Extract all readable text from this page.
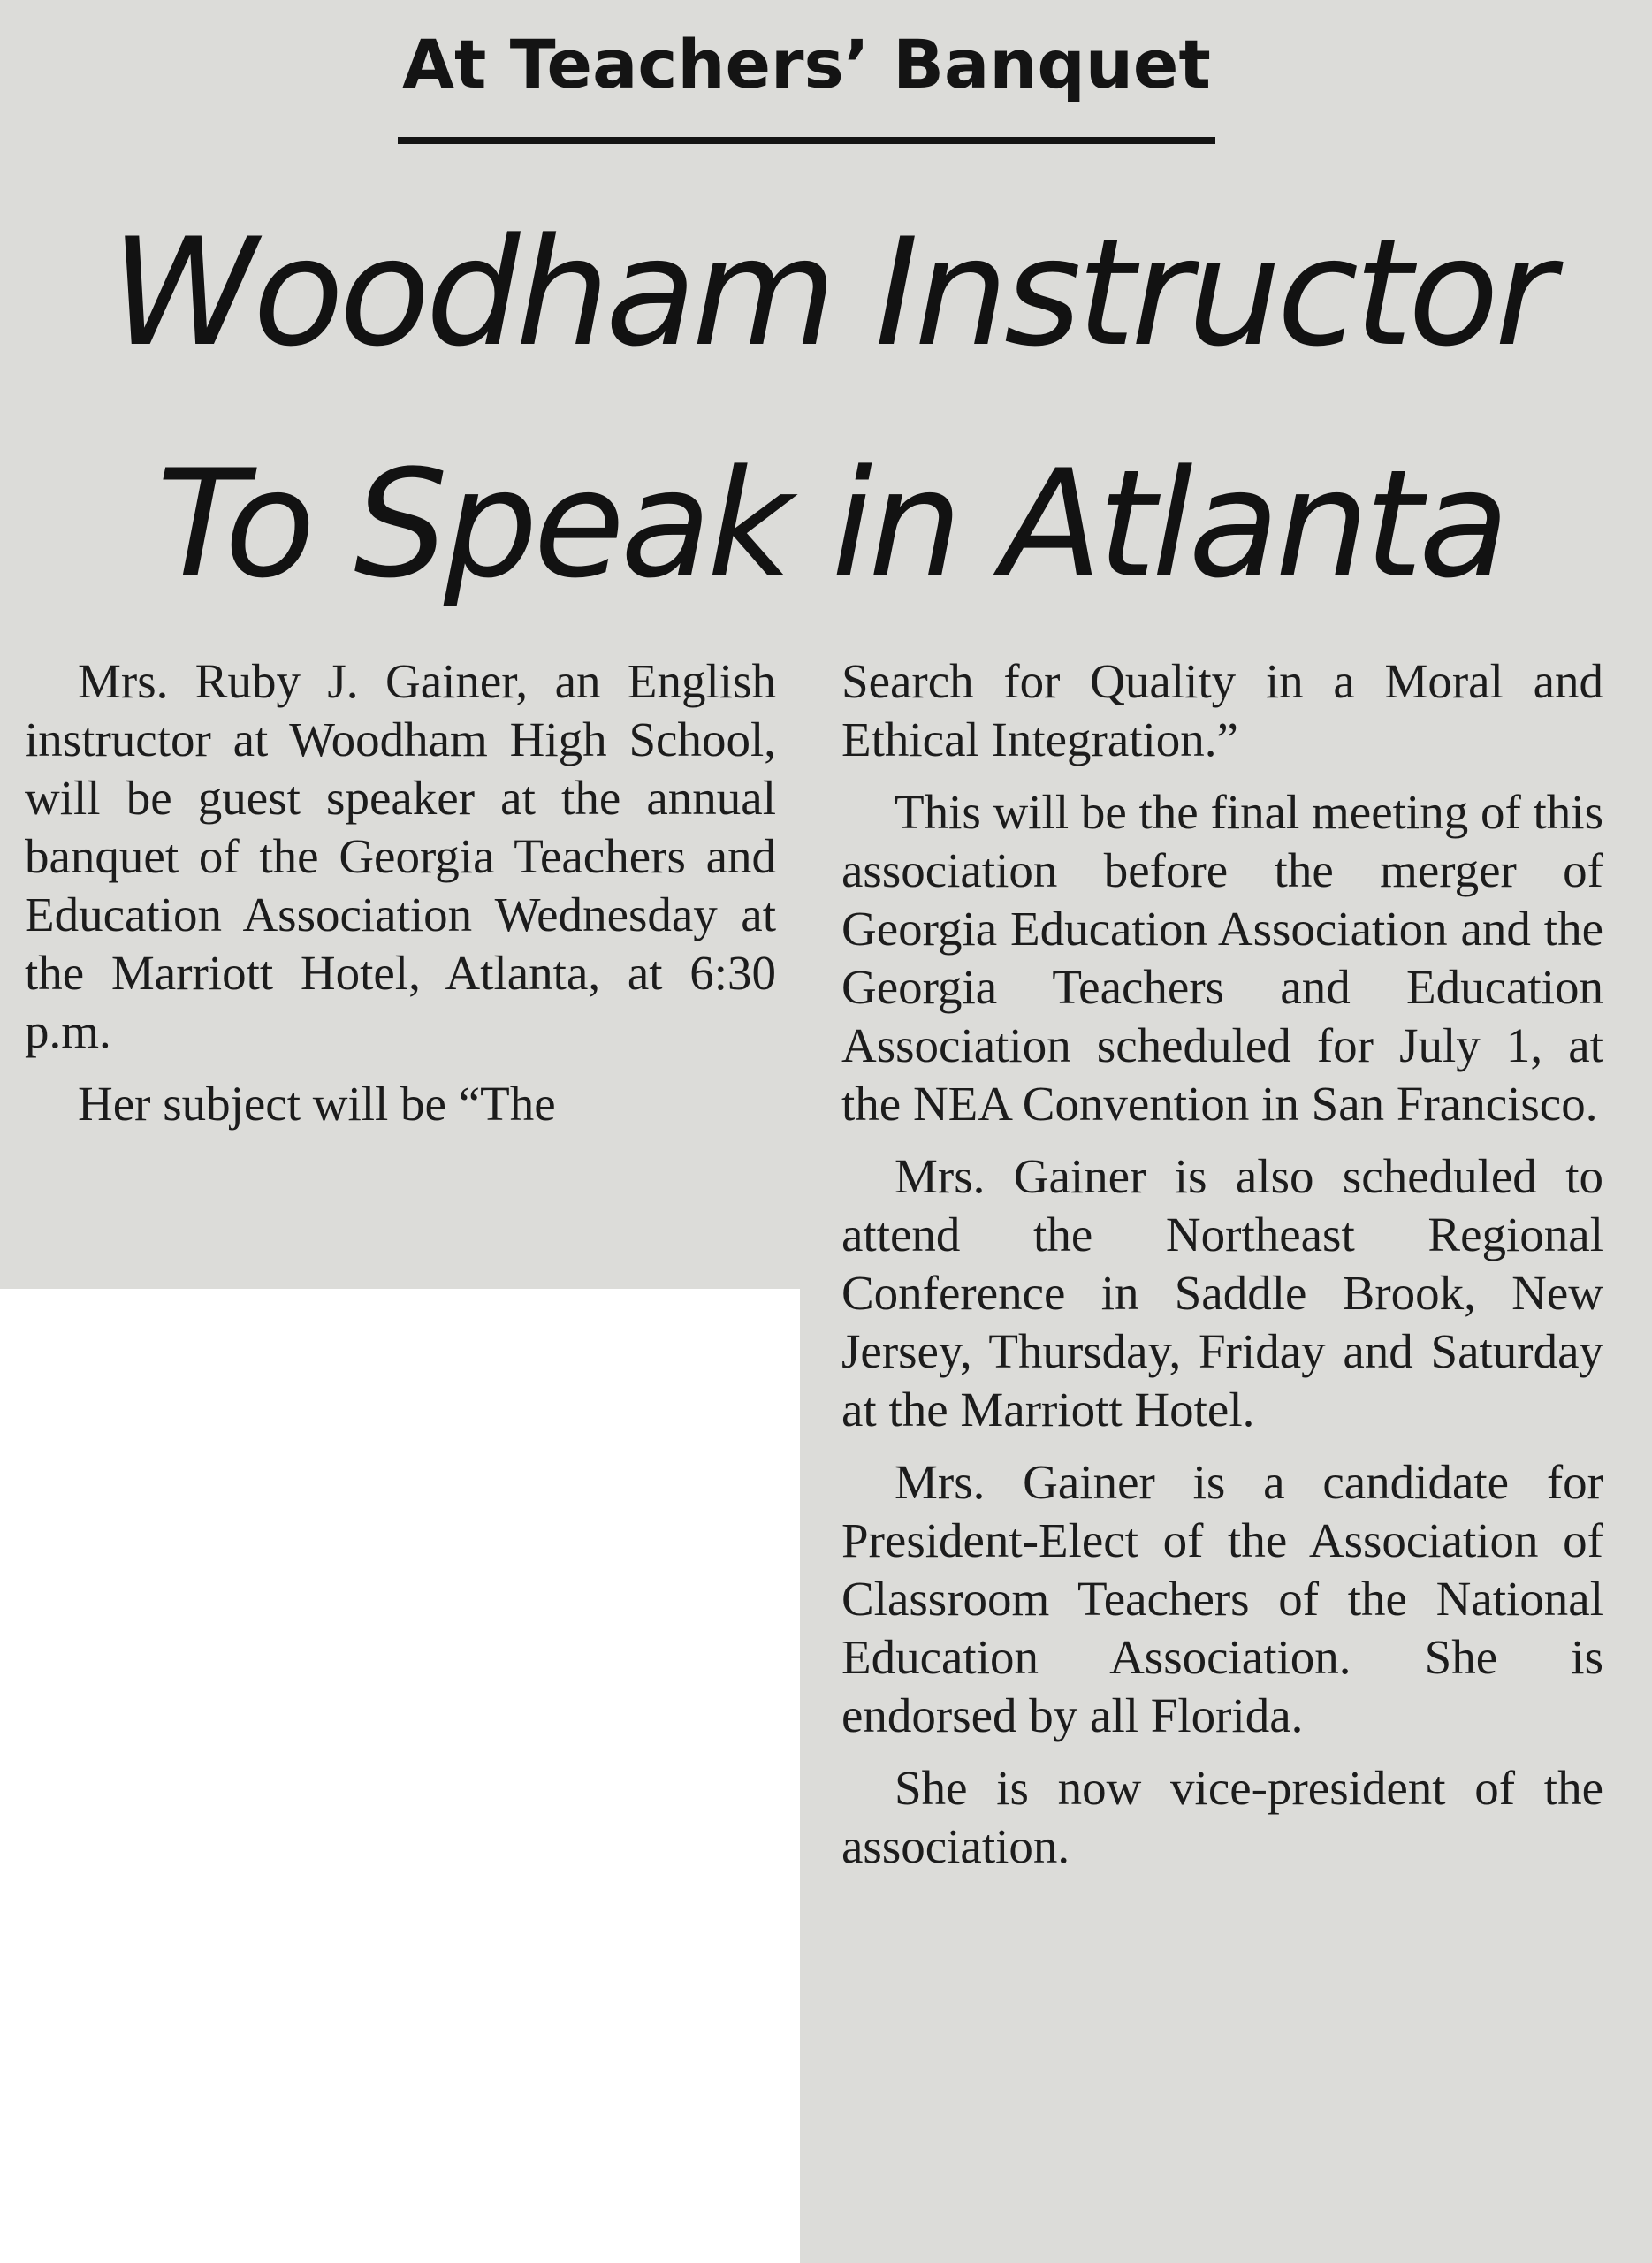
At Teachers’ Banquet
Woodham Instructor
To Speak in Atlanta

Mrs. Ruby J. Gainer, an English instructor at Woodham High School, will be guest speaker at the annual banquet of the Georgia Teachers and Education Association Wednesday at the Marriott Hotel, Atlanta, at 6:30 p.m.

Her subject will be “The

Search for Quality in a Moral and Ethical Integration.”

This will be the final meeting of this association before the merger of Georgia Education Association and the Georgia Teachers and Education Association scheduled for July 1, at the NEA Convention in San Francisco.

Mrs. Gainer is also scheduled to attend the Northeast Regional Conference in Saddle Brook, New Jersey, Thursday, Friday and Saturday at the Marriott Hotel.

Mrs. Gainer is a candidate for President-Elect of the Association of Classroom Teachers of the National Education Association. She is endorsed by all Florida.

She is now vice-president of the association.
